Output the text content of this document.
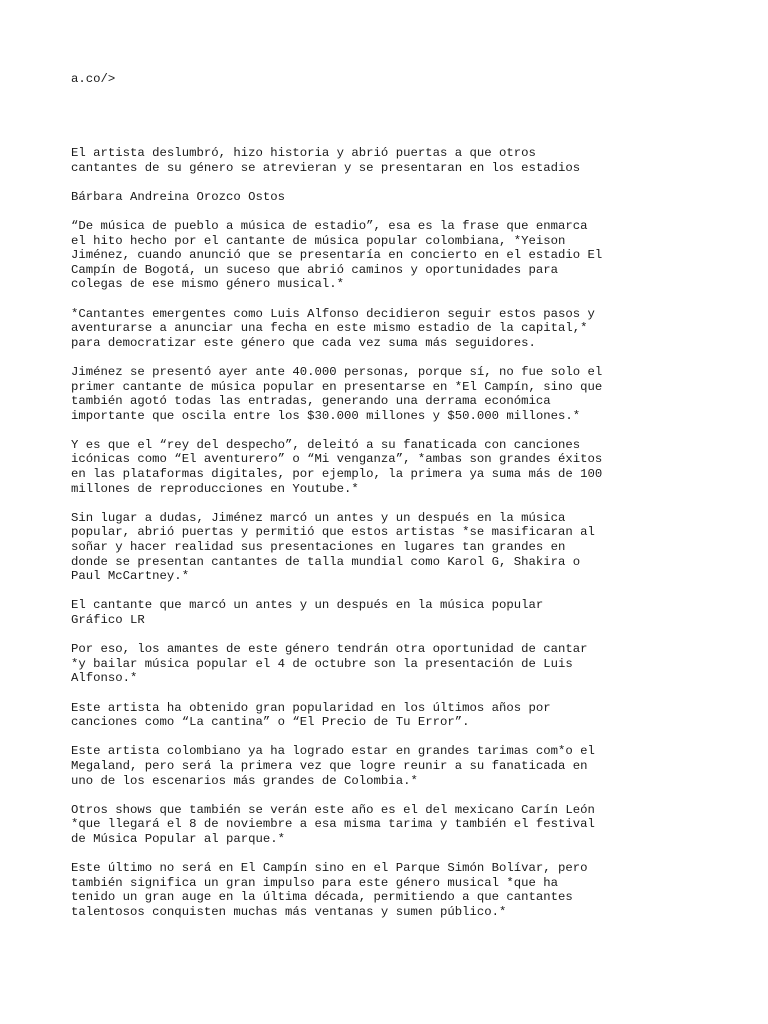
a.co/>

El artista deslumbró, hizo historia y abrió puertas a que otros

cantantes de su género se atrevieran y se presentaran en los estadios

Bárbara Andreina Orozco Ostos

“De música de pueblo a música de estadio”, esa es la frase que enmarca

el hito hecho por el cantante de música popular colombiana, *Yeison

Jiménez, cuando anunció que se presentaría en concierto en el estadio El

Campín de Bogotá, un suceso que abrió caminos y oportunidades para

colegas de ese mismo género musical.*

*Cantantes emergentes como Luis Alfonso decidieron seguir estos pasos y

aventurarse a anunciar una fecha en este mismo estadio de la capital,*

para democratizar este género que cada vez suma más seguidores.

Jiménez se presentó ayer ante 40.000 personas, porque sí, no fue solo el

primer cantante de música popular en presentarse en *El Campín, sino que

también agotó todas las entradas, generando una derrama económica

importante que oscila entre los $30.000 millones y $50.000 millones.*

Y es que el “rey del despecho”, deleitó a su fanaticada con canciones

icónicas como “El aventurero” o “Mi venganza”, *ambas son grandes éxitos

en las plataformas digitales, por ejemplo, la primera ya suma más de 100

millones de reproducciones en Youtube.*

Sin lugar a dudas, Jiménez marcó un antes y un después en la música

popular, abrió puertas y permitió que estos artistas *se masificaran al

soñar y hacer realidad sus presentaciones en lugares tan grandes en

donde se presentan cantantes de talla mundial como Karol G, Shakira o

Paul McCartney.*

El cantante que marcó un antes y un después en la música popular

Gráfico LR

Por eso, los amantes de este género tendrán otra oportunidad de cantar

*y bailar música popular el 4 de octubre son la presentación de Luis

Alfonso.*

Este artista ha obtenido gran popularidad en los últimos años por

canciones como “La cantina” o “El Precio de Tu Error”.

Este artista colombiano ya ha logrado estar en grandes tarimas com*o el

Megaland, pero será la primera vez que logre reunir a su fanaticada en

uno de los escenarios más grandes de Colombia.*

Otros shows que también se verán este año es el del mexicano Carín León

*que llegará el 8 de noviembre a esa misma tarima y también el festival

de Música Popular al parque.*

Este último no será en El Campín sino en el Parque Simón Bolívar, pero

también significa un gran impulso para este género musical *que ha

tenido un gran auge en la última década, permitiendo a que cantantes

talentosos conquisten muchas más ventanas y sumen público.*
